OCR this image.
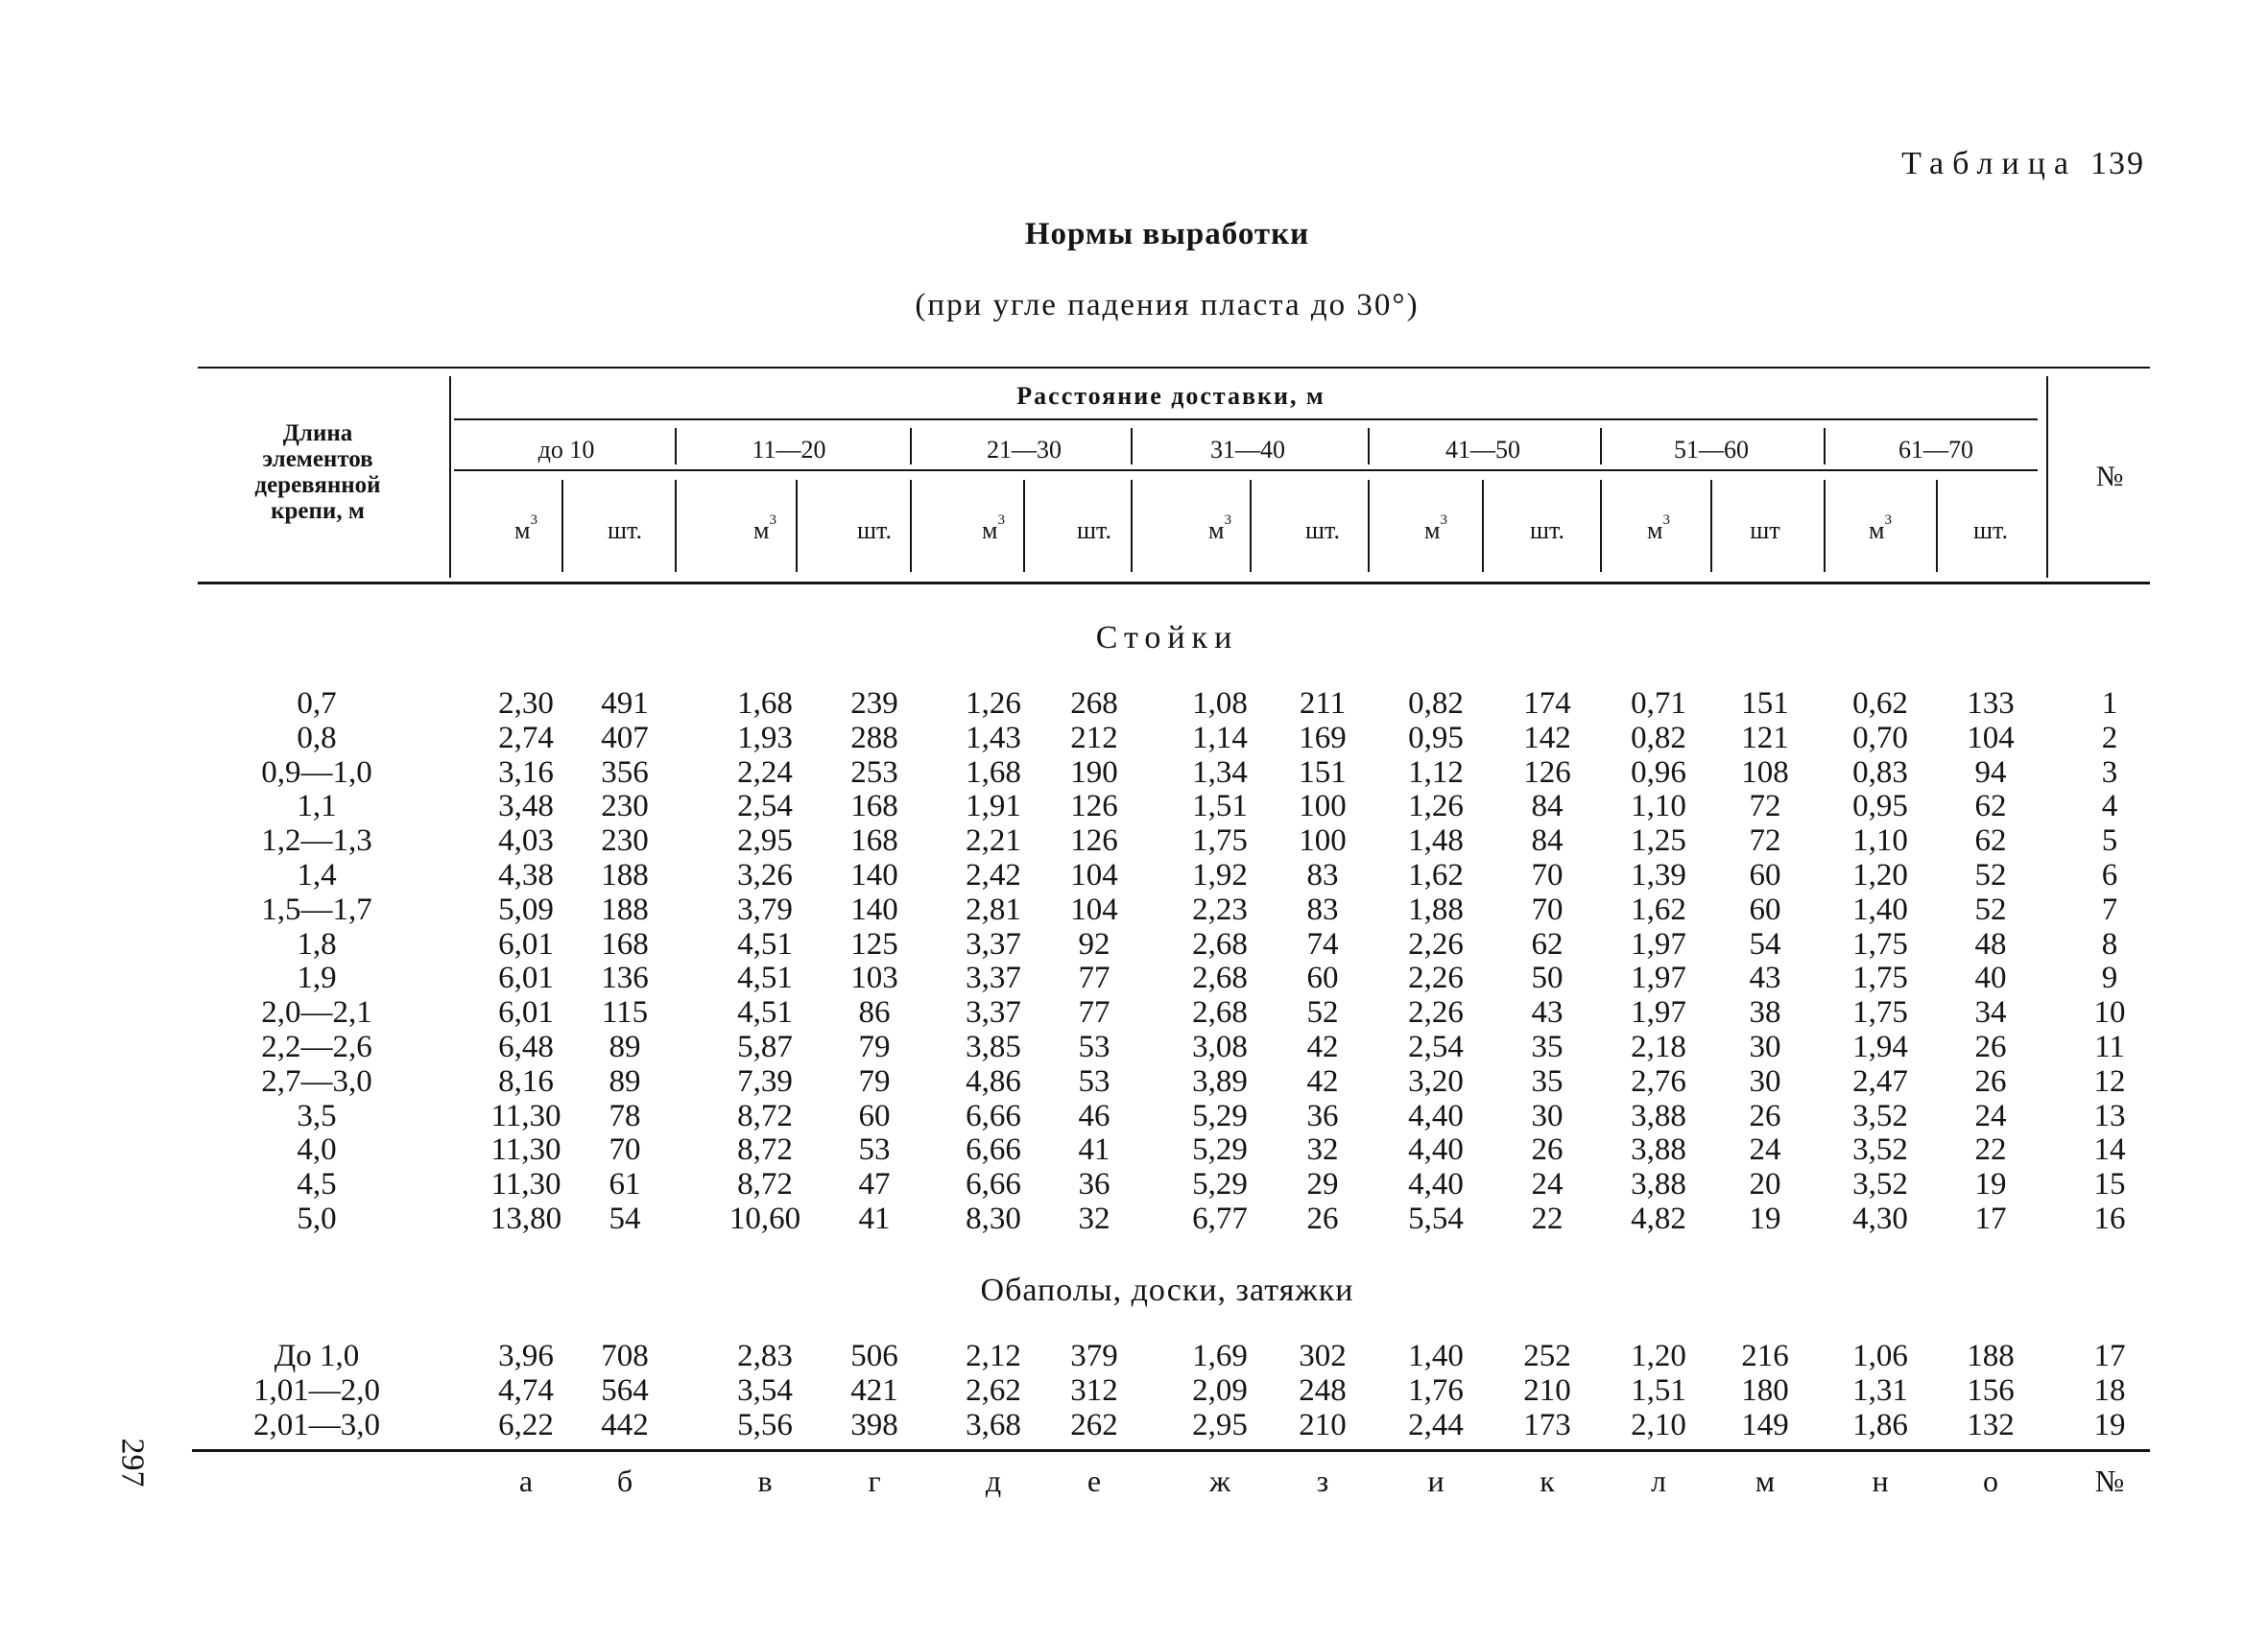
Таблица 139
Нормы выработки
(при угле падения пласта до 30°)
297
Длина
элементов
деревянной
крепи, м
Расстояние доставки, м
до 10	11—20	21—30	31—40	41—50	51—60	61—70
$м^3$	шт.	$м^3$	шт.	$м^3$	шт.	$м^3$	шт.	$м^3$	шт.	$м^3$	шт	$м^3$	шт.
№
Стойки
0,7	2,30	491	1,68	239	1,26	268	1,08	211	0,82	174	0,71	151	0,62	133	1
0,8	2,74	407	1,93	288	1,43	212	1,14	169	0,95	142	0,82	121	0,70	104	2
0,9—1,0	3,16	356	2,24	253	1,68	190	1,34	151	1,12	126	0,96	108	0,83	94	3
1,1	3,48	230	2,54	168	1,91	126	1,51	100	1,26	84	1,10	72	0,95	62	4
1,2—1,3	4,03	230	2,95	168	2,21	126	1,75	100	1,48	84	1,25	72	1,10	62	5
1,4	4,38	188	3,26	140	2,42	104	1,92	83	1,62	70	1,39	60	1,20	52	6
1,5—1,7	5,09	188	3,79	140	2,81	104	2,23	83	1,88	70	1,62	60	1,40	52	7
1,8	6,01	168	4,51	125	3,37	92	2,68	74	2,26	62	1,97	54	1,75	48	8
1,9	6,01	136	4,51	103	3,37	77	2,68	60	2,26	50	1,97	43	1,75	40	9
2,0—2,1	6,01	115	4,51	86	3,37	77	2,68	52	2,26	43	1,97	38	1,75	34	10
2,2—2,6	6,48	89	5,87	79	3,85	53	3,08	42	2,54	35	2,18	30	1,94	26	11
2,7—3,0	8,16	89	7,39	79	4,86	53	3,89	42	3,20	35	2,76	30	2,47	26	12
3,5	11,30	78	8,72	60	6,66	46	5,29	36	4,40	30	3,88	26	3,52	24	13
4,0	11,30	70	8,72	53	6,66	41	5,29	32	4,40	26	3,88	24	3,52	22	14
4,5	11,30	61	8,72	47	6,66	36	5,29	29	4,40	24	3,88	20	3,52	19	15
5,0	13,80	54	10,60	41	8,30	32	6,77	26	5,54	22	4,82	19	4,30	17	16
Обаполы, доски, затяжки
До 1,0	3,96	708	2,83	506	2,12	379	1,69	302	1,40	252	1,20	216	1,06	188	17
1,01—2,0	4,74	564	3,54	421	2,62	312	2,09	248	1,76	210	1,51	180	1,31	156	18
2,01—3,0	6,22	442	5,56	398	3,68	262	2,95	210	2,44	173	2,10	149	1,86	132	19
а	б	в	г	д	е	ж	з	и	к	л	м	н	о	№
